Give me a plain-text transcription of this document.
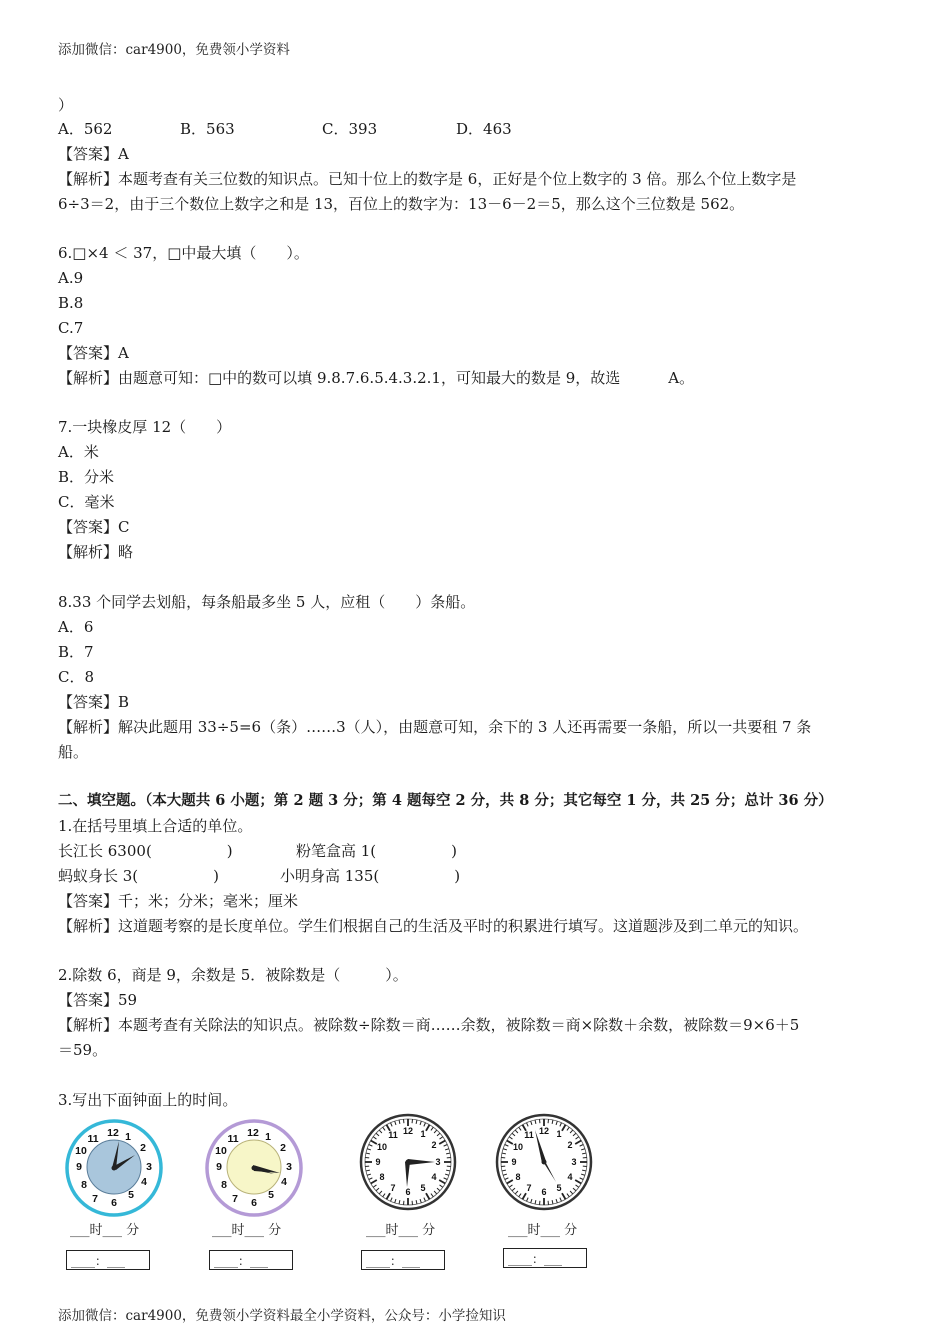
添加微信：car4900，免费领小学资料
）
A．562	B．563	C．393	D．463
【答案】A
【解析】本题考查有关三位数的知识点。已知十位上的数字是 6，正好是个位上数字的 3 倍。那么个位上数字是
6÷3＝2，由于三个数位上数字之和是 13，百位上的数字为：13－6－2＝5，那么这个三位数是 562。
6.□×4 ＜ 37，□中最大填（　　）。
A.9
B.8
C.7
【答案】A
【解析】由题意可知：□中的数可以填 9.8.7.6.5.4.3.2.1，可知最大的数是 9，故选	A。
7.一块橡皮厚 12（　　）
A．米
B．分米
C．毫米
【答案】C
【解析】略
8.33 个同学去划船，每条船最多坐 5 人，应租（　　）条船。
A．6
B．7
C．8
【答案】B
【解析】解决此题用 33÷5=6（条）……3（人），由题意可知，余下的 3 人还再需要一条船，所以一共要租 7 条
船。
二、填空题。（本大题共 6 小题；第 2 题 3 分；第 4 题每空 2 分，共 8 分；其它每空 1 分，共 25 分；总计 36 分）
1.在括号里填上合适的单位。
长江长 6300(　　　　　)	粉笔盒高 1(　　　　　)
蚂蚁身长 3(　　　　　)	小明身高 135(　　　　　)
【答案】千；米；分米；毫米；厘米
【解析】这道题考察的是长度单位。学生们根据自己的生活及平时的积累进行填写。这道题涉及到二单元的知识。
2.除数 6，商是 9，余数是 5．被除数是（　　　）。
【答案】59
【解析】本题考查有关除法的知识点。被除数÷除数＝商……余数，被除数＝商×除数＋余数，被除数＝9×6＋5
＝59。
3.写出下面钟面上的时间。
12 1
2
3
4
5
6
7
8
9
10
11	12 1
2
3
4
5
6
7
8
9
10
11
12 1
2
3
4
5
6
7
8
9
10
11	12 1
2
3
4
5
6
7
8
9
10
11
___时___ 分	___时___ 分	___时___ 分	___时___ 分
____：___	____：___	____：___	____：___
添加微信：car4900，免费领小学资料最全小学资料，公众号：小学捡知识
